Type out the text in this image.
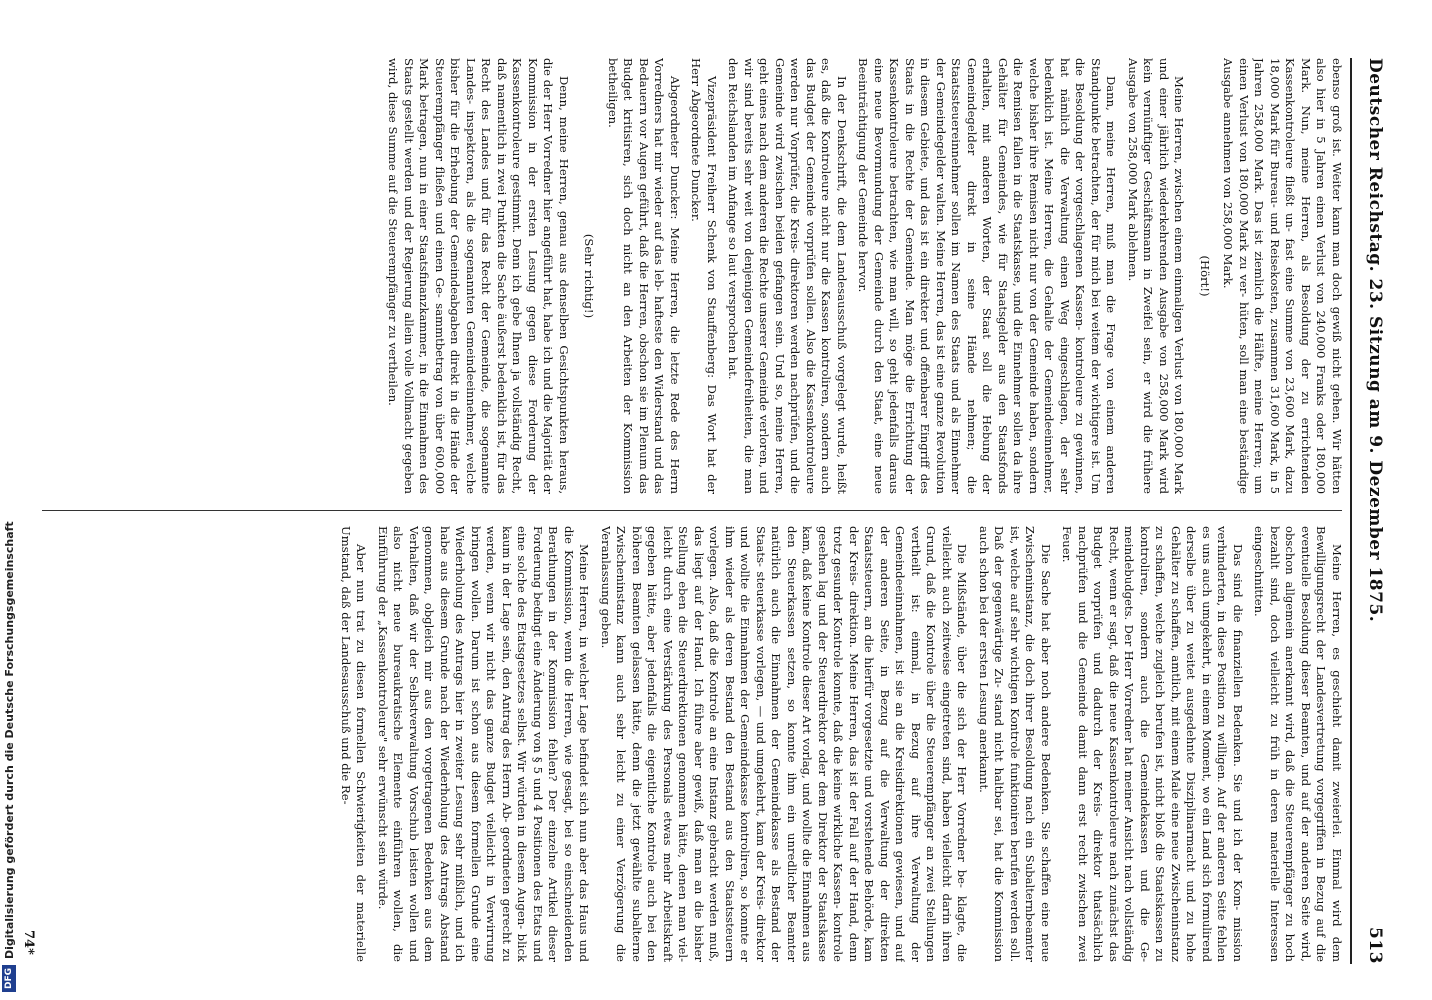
Deutscher Reichstag. 23. Sitzung am 9. Dezember 1875.
513

ebenso groß ist. Weiter kann man doch gewiß nicht gehen. Wir hätten also hier in 5 Jahren einen Verlust von 240,000 Franks oder 180,000 Mark. Nun, meine Herren, als Besoldung der zu errichtenden Kassenkontroleure fließt un- fast eine Summe von 23,600 Mark, dazu 18,000 Mark für Bureau- und Reisekosten, zusammen 31,600 Mark, in 5 Jahren 258,000 Mark. Das ist ziemlich die Hälfte, meine Herren; um einen Verlust von 180,000 Mark zu ver- hüten, soll man eine beständige Ausgabe annehmen von 258,000 Mark.

(Hört!)

Meine Herren, zwischen einem einmaligen Verlust von 180,000 Mark und einer jährlich wiederkehrenden Ausgabe von 258,000 Mark wird kein vernünftiger Geschäftsmann in Zweifel sein, er wird die frühere Ausgabe von 258,000 Mark ablehnen.

Dann, meine Herren, muß man die Frage von einem anderen Standpunkte betrachten, der für mich bei weitem der wichtigere ist. Um die Besoldung der vorgeschlagenen Kassen- kontroleure zu gewinnen, hat nämlich die Verwaltung einen Weg eingeschlagen, der sehr bedenklich ist. Meine Herren, die Gehalte der Gemeindeeinnehmer, welche bisher ihre Remisen nicht nur von der Gemeinde haben, sondern die Remisen fallen in die Staatskasse, und die Einnehmer sollen da ihre Gehälter für Gemeindes, wie für Staatsgelder aus den Staatsfonds erhalten, mit anderen Worten, der Staat soll die Hebung der Gemeindegelder direkt in seine Hände nehmen; die Staatssteuereinnehmer sollen im Namen des Staats und als Einnehmer der Gemeindegelder walten. Meine Herren, das ist eine ganze Revolution in diesem Gebiete, und das ist ein direkter und offenbarer Eingriff des Staats in die Rechte der Gemeinde. Man möge die Errichtung der Kassenkontroleure betrachten, wie man will, so geht jedenfalls daraus eine neue Bevormundung der Gemeinde durch den Staat, eine neue Beeinträchtigung der Gemeinde hervor.

In der Denkschrift, die dem Landesausschuß vorgelegt wurde, heißt es, daß die Kontroleure nicht nur die Kassen kontroliren, sondern auch das Budget der Gemeinde vorprüfen sollen. Also die Kassenkontroleure werden nur Vorprüfer, die Kreis- direktoren werden nachprüfen, und die Gemeinde wird zwischen beiden gefangen sein. Und so, meine Herren, geht eines nach dem anderen die Rechte unserer Gemeinde verloren, und wir sind bereits sehr weit von denjenigen Gemeindefreiheiten, die man den Reichslanden im Anfange so laut versprochen hat.

Vizepräsident Freiherr Schenk von Stauffenberg: Das Wort hat der Herr Abgeordnete Duncker.

Abgeordneter Duncker: Meine Herren, die letzte Rede des Herrn Vorredners hat mir wieder auf das leb- hafteste den Widerstand und das Bedauern vor Augen geführt, daß die Herren, obschon sie im Plenum das Budget kritisiren, sich doch nicht an den Arbeiten der Kommission betheiligen.

(Sehr richtig!)

Denn, meine Herren, genau aus denselben Gesichtspunkten heraus, die der Herr Vorredner hier angeführt hat, habe ich und die Majorität der Kommission in der ersten Lesung gegen diese Forderung der Kassenkontroleure gestimmt. Denn ich gebe Ihnen ja vollständig Recht, daß namentlich in zwei Punkten die Sache äußerst bedenklich ist, für das Recht des Landes und für das Recht der Gemeinde, die sogenannte Landes- inspektoren, als die sogenannten Gemeindeeinnehmer, welche bisher für die Erhebung der Gemeindeabgaben direkt in die Hände der Steuerempfänger fließen und einen Ge- sammtbetrag von über 600,000 Mark betragen, nun in einer Staatsfinanzkammer, in die Einnahmen des Staats gestellt werden und der Regierung allein volle Vollmacht gegeben wird, diese Summe auf die Steuerempfänger zu vertheilen.

Meine Herren, es geschieht damit zweierlei. Einmal wird dem Bewilligungsrecht der Landesvertretung vorgegriffen in Bezug auf die eventuelle Besoldung dieser Beamten, und auf der anderen Seite wird, obschon allgemein anerkannt wird, daß die Steuerempfänger zu hoch bezahlt sind, doch vielleicht zu früh in deren materielle Interessen eingeschnitten.

Das sind die finanziellen Bedenken. Sie und ich der Kom- mission verhinderten, in diese Position zu willigen. Auf der anderen Seite fehlen es uns auch umgekehrt, in einem Moment, wo ein Land sich formulirend derselbe über zu weitet ausgedehnte Disziplinarmacht und zu hohe Gehälter zu schaffen, amtlich, mit einem Male eine neue Zwischeninstanz zu schaffen, welche zugleich berufen ist, nicht bloß die Staatskassen zu kontroliren, sondern auch die Gemeindekassen und die Ge- meindebudgets. Der Herr Vorredner hat meiner Ansicht nach vollständig Recht, wenn er sagt, daß die neue Kassenkontroleure nach zunächst das Budget vorprüfen und dadurch der Kreis- direktor thatsächlich nachprüfen und die Gemeinde damit dann erst recht zwischen zwei Feuer.

Die Sache hat aber noch andere Bedenken. Sie schaffen eine neue Zwischeninstanz, die doch ihrer Besoldung nach ein Subalternbeamter ist, welche auf sehr wichtigen Kontrole funktioniren berufen werden soll. Daß der gegenwärtige Zu- stand nicht haltbar sei, hat die Kommission auch schon bei der ersten Lesung anerkannt.

Die Mißstände, über die sich der Herr Vorredner be- klagte, die vielleicht auch zeitweise eingetreten sind, haben vielleicht darin ihren Grund, daß die Kontrole über die Steuerempfänger an zwei Stellungen vertheilt ist: einmal, in Bezug auf ihre Verwaltung der Gemeindeeinnahmen, ist sie an die Kreisdirektionen gewiesen, und auf der anderen Seite, in Bezug auf die Verwaltung der direkten Staatssteuern, an die hierfür vorgesetzte und vorstehende Behörde, kam der Kreis- direktion. Meine Herren, das ist der Fall auf der Hand, denn trotz gesunder Kontrole konnte, daß die keine wirkliche Kassen- kontrole gesehen lag und der Steuerdirektor oder dem Direktor der Staatskasse kam, daß keine Kontrole dieser Art vorlag, und wollte die Einnahmen aus den Steuerkassen setzen, so konnte ihm ein unredlicher Beamter natürlich auch die Einnahmen der Gemeindekasse als Bestand der Staats- steuerkasse vorlegen, — und umgekehrt, kam der Kreis- direktor und wollte die Einnahmen der Gemeindekasse kontroliren, so konnte er ihm wieder als deren Bestand den Bestand aus den Staatssteuern vorlegen. Also, daß die Kontrole an eine Instanz gebracht werden muß, das liegt auf der Hand. Ich führe aber gewiß, daß man an die bisher Stellung eben die Steuerdirektionen genommen hätte, denen man viel- leicht durch eine Verstärkung des Personals etwas mehr Arbeitskraft gegeben hätte, aber jedenfalls die eigentliche Kontrole auch bei den höheren Beamten gelassen hätte, denn die jetzt gewählte subalterne Zwischeninstanz kann auch sehr leicht zu einer Verzögerung die Veranlassung geben.

Meine Herren, in welcher Lage befindet sich nun aber das Haus und die Kommission, wenn die Herren, wie gesagt, bei so einschneidenden Berathungen in der Kommission fehlen? Der einzelne Artikel dieser Forderung bedingt eine Änderung von § 5 und 4 Positionen des Etats und eine solche des Etatsgesetzes selbst. Wir würden in diesem Augen- blick kaum in der Lage sein, den Antrag des Herrn Ab- geordneten gerecht zu werden, wenn wir nicht das ganze Budget vielleicht in Verwirrung bringen wollen. Darum ist schon aus diesem formellen Grunde eine Wiederholung des Antrags hier in zweiter Lesung sehr mißlich, und ich habe aus diesem Grunde nach der Wiederholung des Antrags Abstand genommen, obgleich mir aus den vorgetragenen Bedenken aus dem Verhalten, daß wir der Selbstverwaltung Vorschub leisten wollen und also nicht neue bureaukratische Elemente einführen wollen, die Einführung der „Kassenkontroleure" sehr erwünscht sein würde.

Aber nun trat zu diesen formellen Schwierigkeiten der materielle Umstand, daß der Landesausschuß und die Re-

74*
DFG
Digitalisierung gefördert durch die Deutsche Forschungsgemeinschaft
